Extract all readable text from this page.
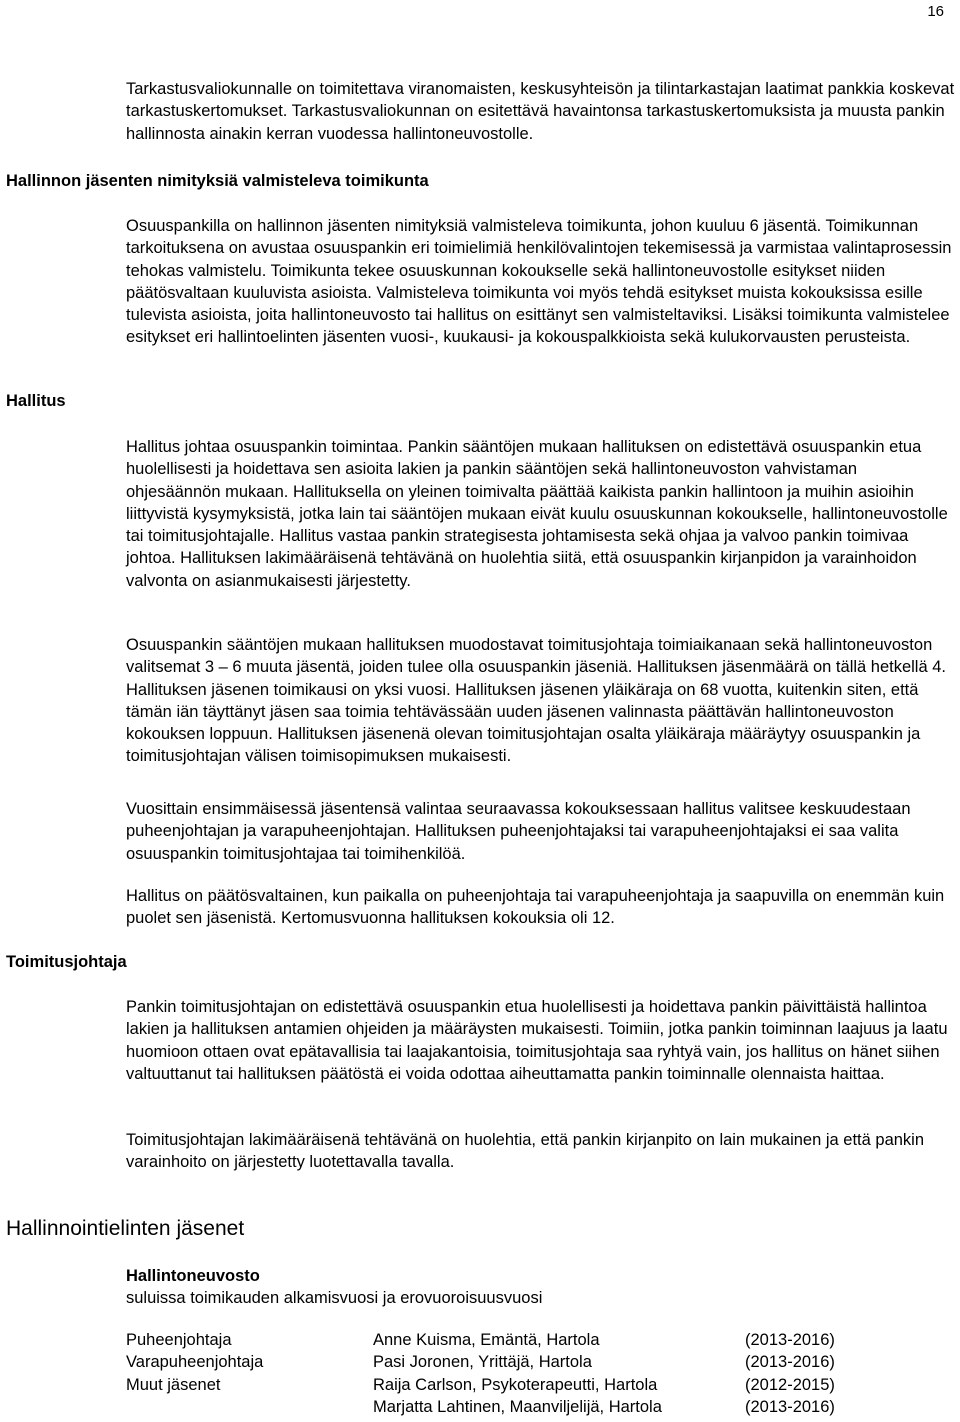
16

Tarkastusvaliokunnalle on toimitettava viranomaisten, keskusyhteisön ja tilintarkastajan laatimat pankkia koskevat tarkastuskertomukset. Tarkastusvaliokunnan on esitettävä havaintonsa tarkastuskertomuksista ja muusta pankin hallinnosta ainakin kerran vuodessa hallintoneuvostolle.

Hallinnon jäsenten nimityksiä valmisteleva toimikunta

Osuuspankilla on hallinnon jäsenten nimityksiä valmisteleva toimikunta, johon kuuluu 6 jäsentä. Toimikunnan tarkoituksena on avustaa osuuspankin eri toimielimiä henkilövalintojen tekemisessä ja varmistaa valintaprosessin tehokas valmistelu. Toimikunta tekee osuuskunnan kokoukselle sekä hallintoneuvostolle esitykset niiden päätösvaltaan kuuluvista asioista. Valmisteleva toimikunta voi myös tehdä esitykset muista kokouksissa esille tulevista asioista, joita hallintoneuvosto tai hallitus on esittänyt sen valmisteltaviksi. Lisäksi toimikunta valmistelee esitykset eri hallintoelinten jäsenten vuosi-, kuukausi- ja kokouspalkkioista sekä kulukorvausten perusteista.

Hallitus

Hallitus johtaa osuuspankin toimintaa. Pankin sääntöjen mukaan hallituksen on edistettävä osuuspankin etua huolellisesti ja hoidettava sen asioita lakien ja pankin sääntöjen sekä hallintoneuvoston vahvistaman ohjesäännön mukaan. Hallituksella on yleinen toimivalta päättää kaikista pankin hallintoon ja muihin asioihin liittyvistä kysymyksistä, jotka lain tai sääntöjen mukaan eivät kuulu osuuskunnan kokoukselle, hallintoneuvostolle tai toimitusjohtajalle. Hallitus vastaa pankin strategisesta johtamisesta sekä ohjaa ja valvoo pankin toimivaa johtoa. Hallituksen lakimääräisenä tehtävänä on huolehtia siitä, että osuuspankin kirjanpidon ja varainhoidon valvonta on asianmukaisesti järjestetty.

Osuuspankin sääntöjen mukaan hallituksen muodostavat toimitusjohtaja toimiaikanaan sekä hallintoneuvoston valitsemat 3 – 6 muuta jäsentä, joiden tulee olla osuuspankin jäseniä. Hallituksen jäsenmäärä on tällä hetkellä 4. Hallituksen jäsenen toimikausi on yksi vuosi. Hallituksen jäsenen yläikäraja on 68 vuotta, kuitenkin siten, että tämän iän täyttänyt jäsen saa toimia tehtävässään uuden jäsenen valinnasta päättävän hallintoneuvoston kokouksen loppuun. Hallituksen jäsenenä olevan toimitusjohtajan osalta yläikäraja määräytyy osuuspankin ja toimitusjohtajan välisen toimisopimuksen mukaisesti.

Vuosittain ensimmäisessä jäsentensä valintaa seuraavassa kokouksessaan hallitus valitsee keskuudestaan puheenjohtajan ja varapuheenjohtajan. Hallituksen puheenjohtajaksi tai varapuheenjohtajaksi ei saa valita osuuspankin toimitusjohtajaa tai toimihenkilöä.

Hallitus on päätösvaltainen, kun paikalla on puheenjohtaja tai varapuheenjohtaja ja saapuvilla on enemmän kuin puolet sen jäsenistä. Kertomusvuonna hallituksen kokouksia oli 12.

Toimitusjohtaja

Pankin toimitusjohtajan on edistettävä osuuspankin etua huolellisesti ja hoidettava pankin päivittäistä hallintoa lakien ja hallituksen antamien ohjeiden ja määräysten mukaisesti. Toimiin, jotka pankin toiminnan laajuus ja laatu huomioon ottaen ovat epätavallisia tai laajakantoisia, toimitusjohtaja saa ryhtyä vain, jos hallitus on hänet siihen valtuuttanut tai hallituksen päätöstä ei voida odottaa aiheuttamatta pankin toiminnalle olennaista haittaa.

Toimitusjohtajan lakimääräisenä tehtävänä on huolehtia, että pankin kirjanpito on lain mukainen ja että pankin varainhoito on järjestetty luotettavalla tavalla.

Hallinnointielinten jäsenet
Hallintoneuvosto
suluissa toimikauden alkamisvuosi ja erovuoroisuusvuosi
Puheenjohtaja	Anne Kuisma, Emäntä, Hartola	(2013-2016)
Varapuheenjohtaja	Pasi Joronen, Yrittäjä, Hartola	(2013-2016)
Muut jäsenet	Raija Carlson, Psykoterapeutti, Hartola	(2012-2015)
	Marjatta Lahtinen, Maanviljelijä, Hartola	(2013-2016)
